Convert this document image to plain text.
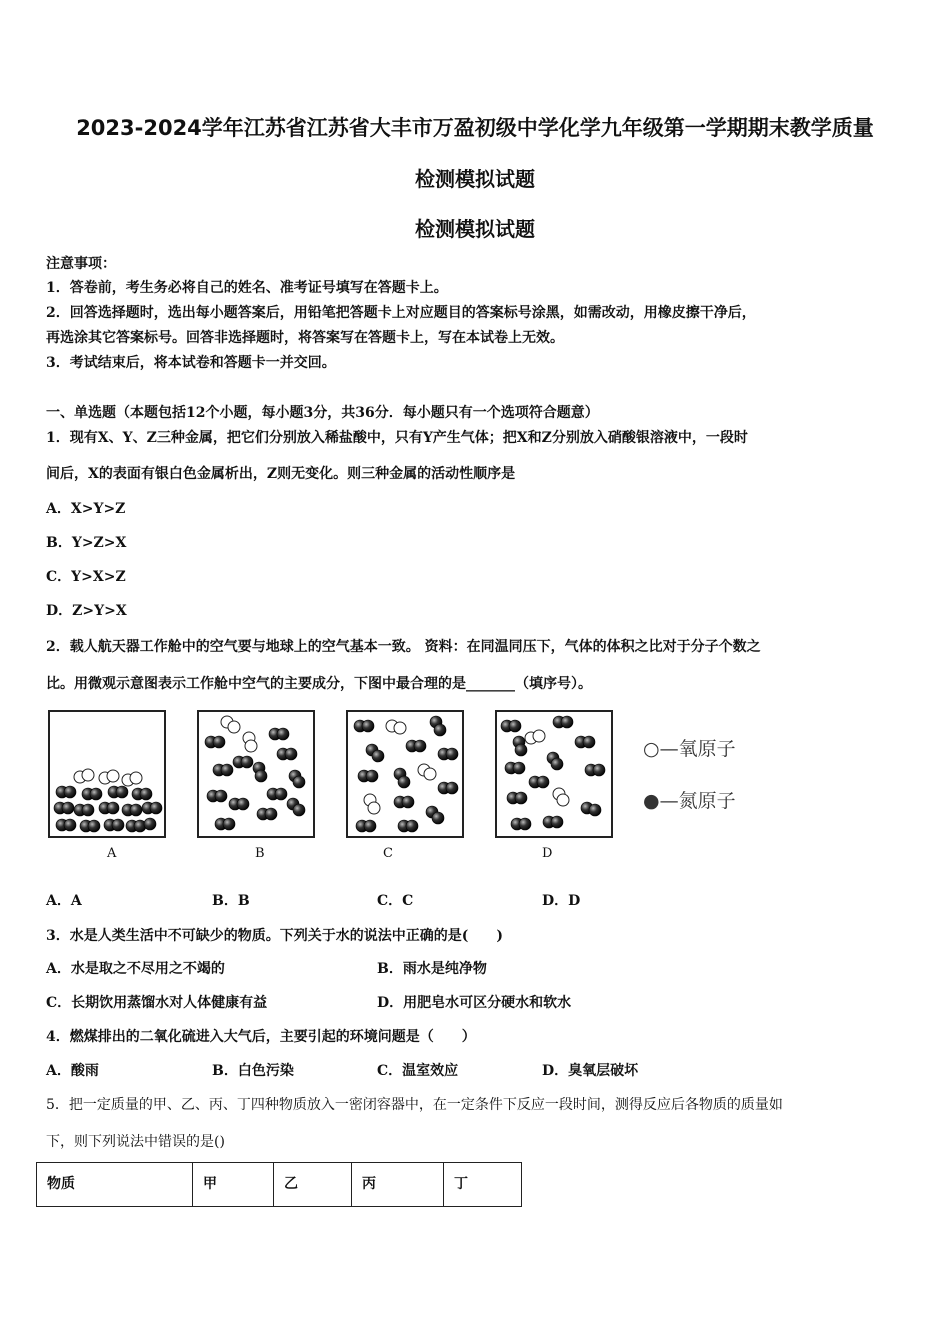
2023-2024学年江苏省江苏省大丰市万盈初级中学化学九年级第一学期期末教学质量
检测模拟试题
检测模拟试题
注意事项：
1．答卷前，考生务必将自己的姓名、准考证号填写在答题卡上。
2．回答选择题时，选出每小题答案后，用铅笔把答题卡上对应题目的答案标号涂黑，如需改动，用橡皮擦干净后，
再选涂其它答案标号。回答非选择题时，将答案写在答题卡上，写在本试卷上无效。
3．考试结束后，将本试卷和答题卡一并交回。
一、单选题（本题包括12个小题，每小题3分，共36分．每小题只有一个选项符合题意）
1．现有X、Y、Z三种金属，把它们分别放入稀盐酸中，只有Y产生气体；把X和Z分别放入硝酸银溶液中，一段时
间后，X的表面有银白色金属析出，Z则无变化。则三种金属的活动性顺序是
A．X>Y>Z
B．Y>Z>X
C．Y>X>Z
D．Z>Y>X
2．载人航天器工作舱中的空气要与地球上的空气基本一致。 资料：在同温同压下，气体的体积之比对于分子个数之
比。用微观示意图表示工作舱中空气的主要成分，下图中最合理的是_______（填序号）。
A	B	C	D
○—氧原子
●—氮原子
A．A	B．B	C．C	D．D
3．水是人类生活中不可缺少的物质。下列关于水的说法中正确的是(　　)
A．水是取之不尽用之不竭的	B．雨水是纯净物
C．长期饮用蒸馏水对人体健康有益	D．用肥皂水可区分硬水和软水
4．燃煤排出的二氧化硫进入大气后，主要引起的环境问题是（　　）
A．酸雨	B．白色污染	C．温室效应	D．臭氧层破坏
5．把一定质量的甲、乙、丙、丁四种物质放入一密闭容器中，在一定条件下反应一段时间，测得反应后各物质的质量如
下，则下列说法中错误的是()
物质	甲	乙	丙	丁
